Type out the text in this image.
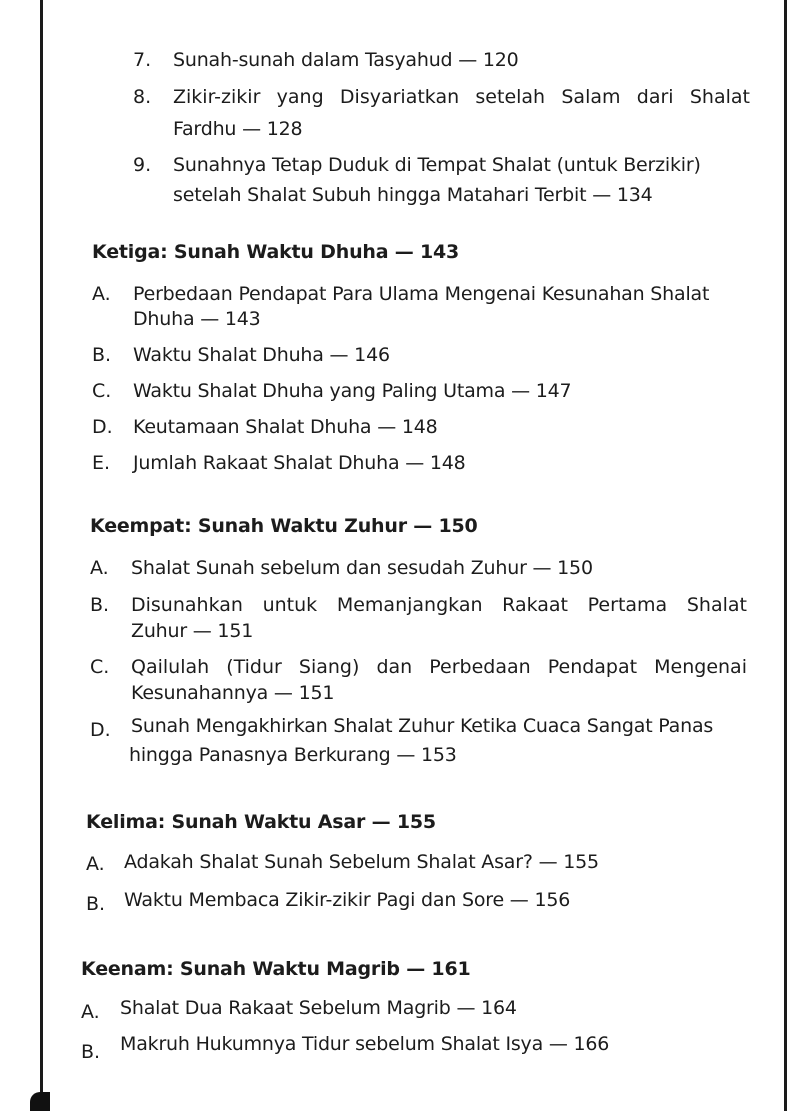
7. Sunah-sunah dalam Tasyahud — 120
8. Zikir-zikir yang Disyariatkan setelah Salam dari Shalat
Fardhu — 128
9. Sunahnya Tetap Duduk di Tempat Shalat (untuk Berzikir)
setelah Shalat Subuh hingga Matahari Terbit — 134
Ketiga: Sunah Waktu Dhuha — 143
A. Perbedaan Pendapat Para Ulama Mengenai Kesunahan Shalat
Dhuha — 143
B. Waktu Shalat Dhuha — 146
C. Waktu Shalat Dhuha yang Paling Utama — 147
D. Keutamaan Shalat Dhuha — 148
E. Jumlah Rakaat Shalat Dhuha — 148
Keempat: Sunah Waktu Zuhur — 150
A. Shalat Sunah sebelum dan sesudah Zuhur — 150
B. Disunahkan untuk Memanjangkan Rakaat Pertama Shalat
Zuhur — 151
C. Qailulah (Tidur Siang) dan Perbedaan Pendapat Mengenai
Kesunahannya — 151
D. Sunah Mengakhirkan Shalat Zuhur Ketika Cuaca Sangat Panas
hingga Panasnya Berkurang — 153
Kelima: Sunah Waktu Asar — 155
A. Adakah Shalat Sunah Sebelum Shalat Asar? — 155
B. Waktu Membaca Zikir-zikir Pagi dan Sore — 156
Keenam: Sunah Waktu Magrib — 161
A. Shalat Dua Rakaat Sebelum Magrib — 164
B. Makruh Hukumnya Tidur sebelum Shalat Isya — 166
